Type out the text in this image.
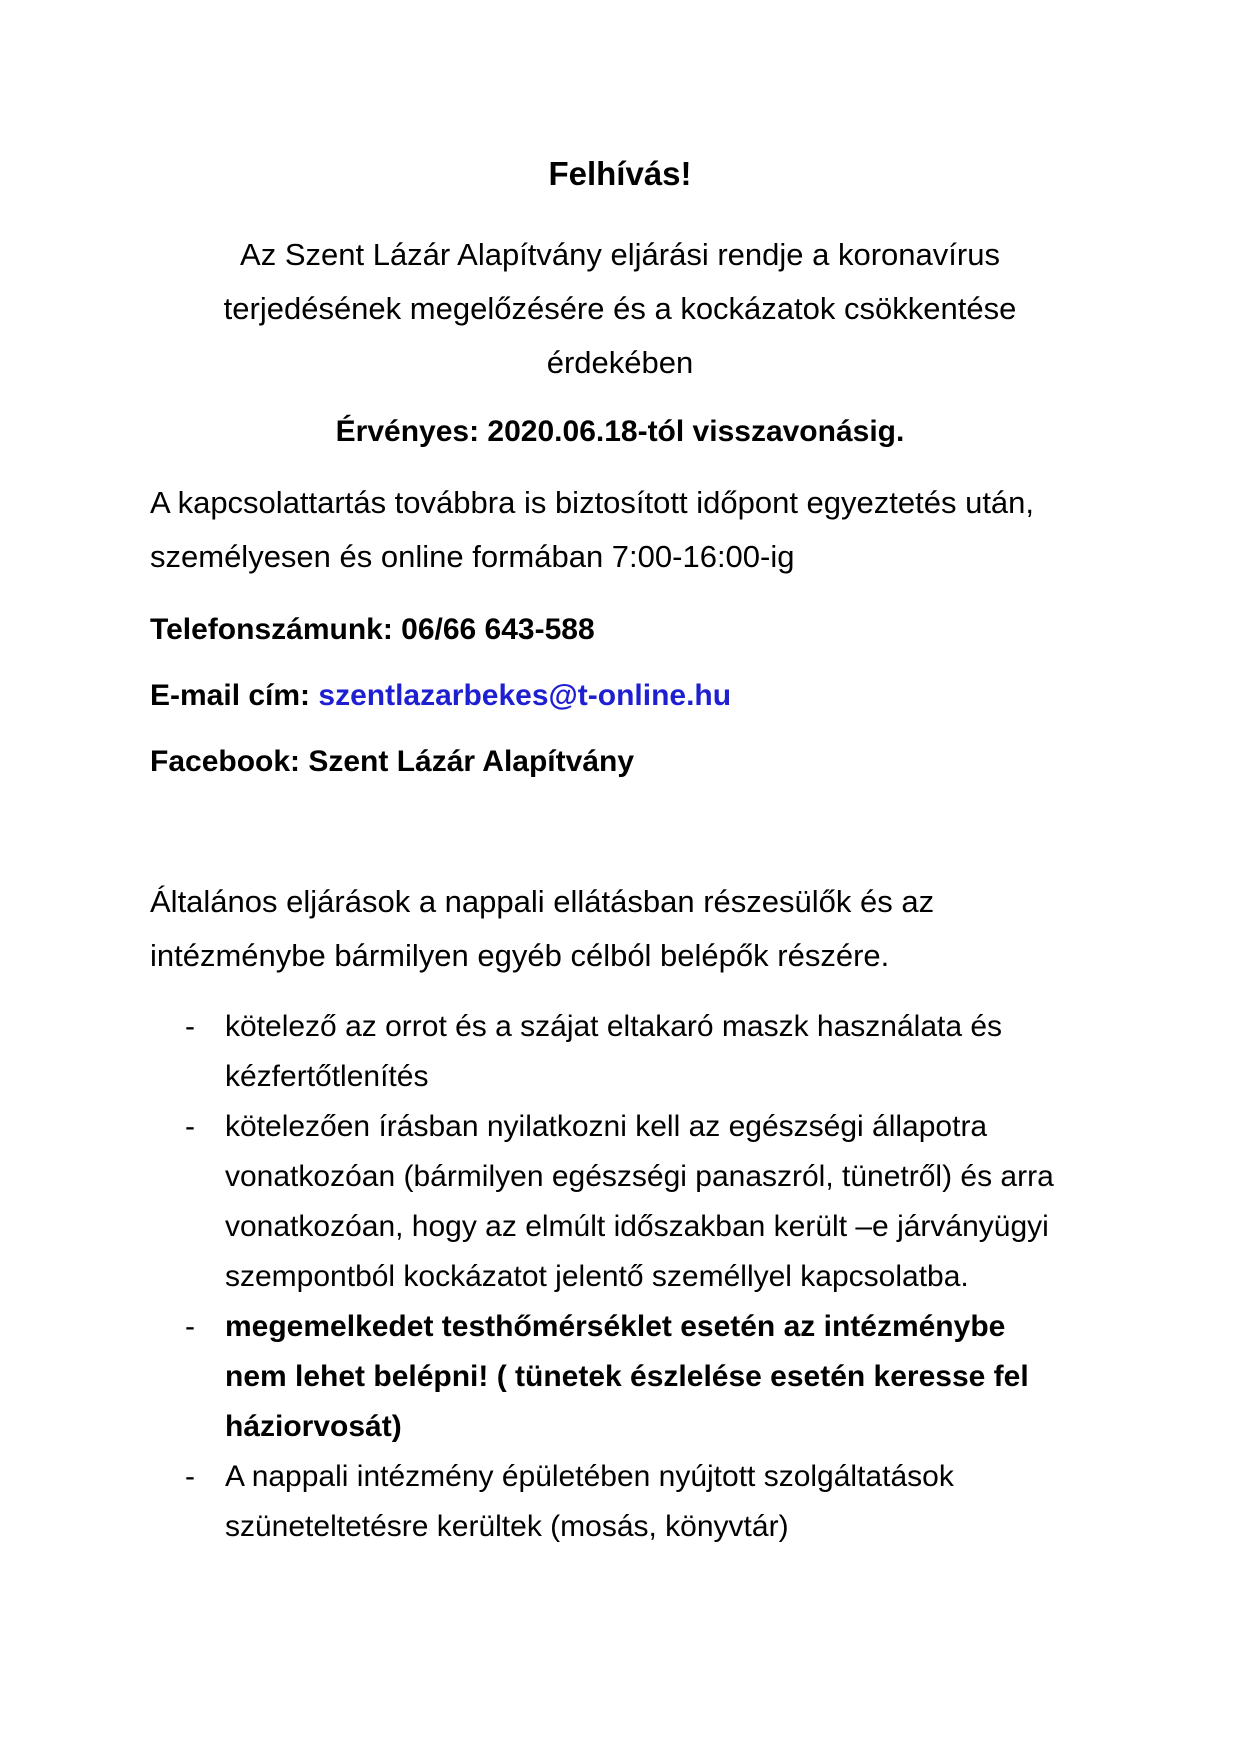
Felhívás!
Az Szent Lázár Alapítvány eljárási rendje a koronavírus terjedésének megelőzésére és a kockázatok csökkentése érdekében
Érvényes: 2020.06.18-tól visszavonásig.
A kapcsolattartás továbbra is biztosított időpont egyeztetés után, személyesen és online formában 7:00-16:00-ig
Telefonszámunk: 06/66 643-588
E-mail cím: szentlazarbekes@t-online.hu
Facebook: Szent Lázár Alapítvány
Általános eljárások a nappali ellátásban részesülők és az intézménybe bármilyen egyéb célból belépők részére.
- kötelező az orrot és a szájat eltakaró maszk használata és kézfertőtlenítés
- kötelezően írásban nyilatkozni kell az egészségi állapotra vonatkozóan (bármilyen egészségi panaszról, tünetről) és arra vonatkozóan, hogy az elmúlt időszakban került –e járványügyi szempontból kockázatot jelentő személlyel kapcsolatba.
- megemelkedet testhőmérséklet esetén az intézménybe nem lehet belépni! ( tünetek észlelése esetén keresse fel háziorvosát)
- A nappali intézmény épületében nyújtott szolgáltatások szüneteltetésre kerültek (mosás, könyvtár)
